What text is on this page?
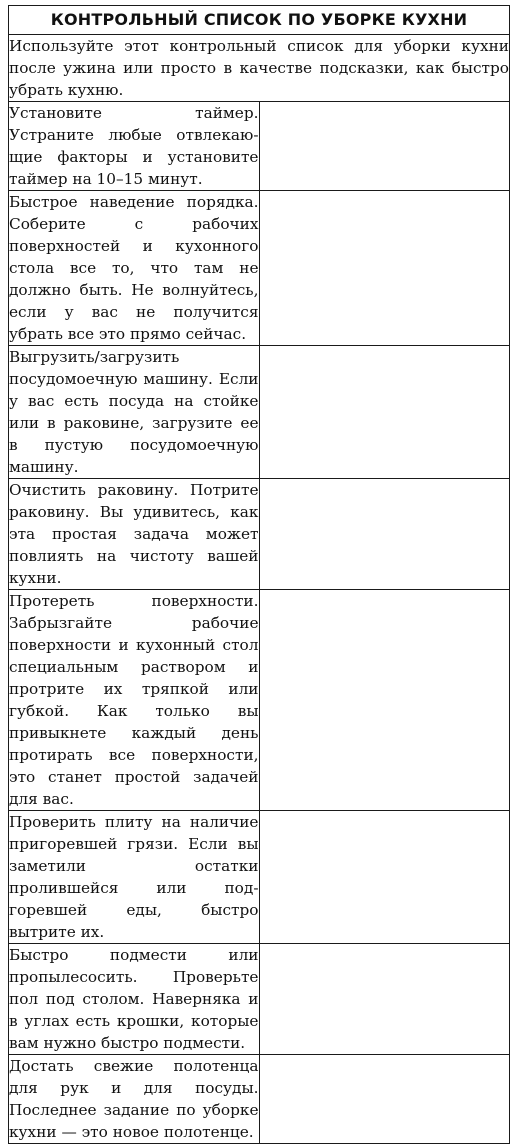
КОНТРОЛЬНЫЙ СПИСОК ПО УБОРКЕ КУХНИ	
Используйте этот контрольный список для уборки кухни после ужина или просто в качестве подсказки, как быстро убрать кухню.	
Установите таймер. Устраните любые отвлекающие факторы и установите таймер на 10–15 минут.	
Быстрое наведение порядка. Соберите с рабочих поверхностей и кухонного стола все то, что там не должно быть. Не волнуйтесь, если у вас не получится убрать все это прямо сейчас.	
Выгрузить/загрузить посудомоечную машину. Если у вас есть посуда на стойке или в раковине, загрузите ее в пустую посудомоечную машину.	
Очистить раковину. Потрите раковину. Вы удивитесь, как эта простая задача может повлиять на чистоту вашей кухни.	
Протереть поверхности. Забрызгайте рабочие поверхности и кухонный стол специальным раствором и протрите их тряпкой или губкой. Как только вы привыкнете каждый день протирать все поверхности, это станет простой задачей для вас.	
Проверить плиту на наличие пригоревшей грязи. Если вы заметили остатки пролившейся или подгоревшей еды, быстро вытрите их.	
Быстро подмести или пропылесосить. Проверьте пол под столом. Наверняка и в углах есть крошки, которые вам нужно быстро подмести.	
Достать свежие полотенца для рук и для посуды. Последнее задание по уборке кухни — это новое полотенце.	
